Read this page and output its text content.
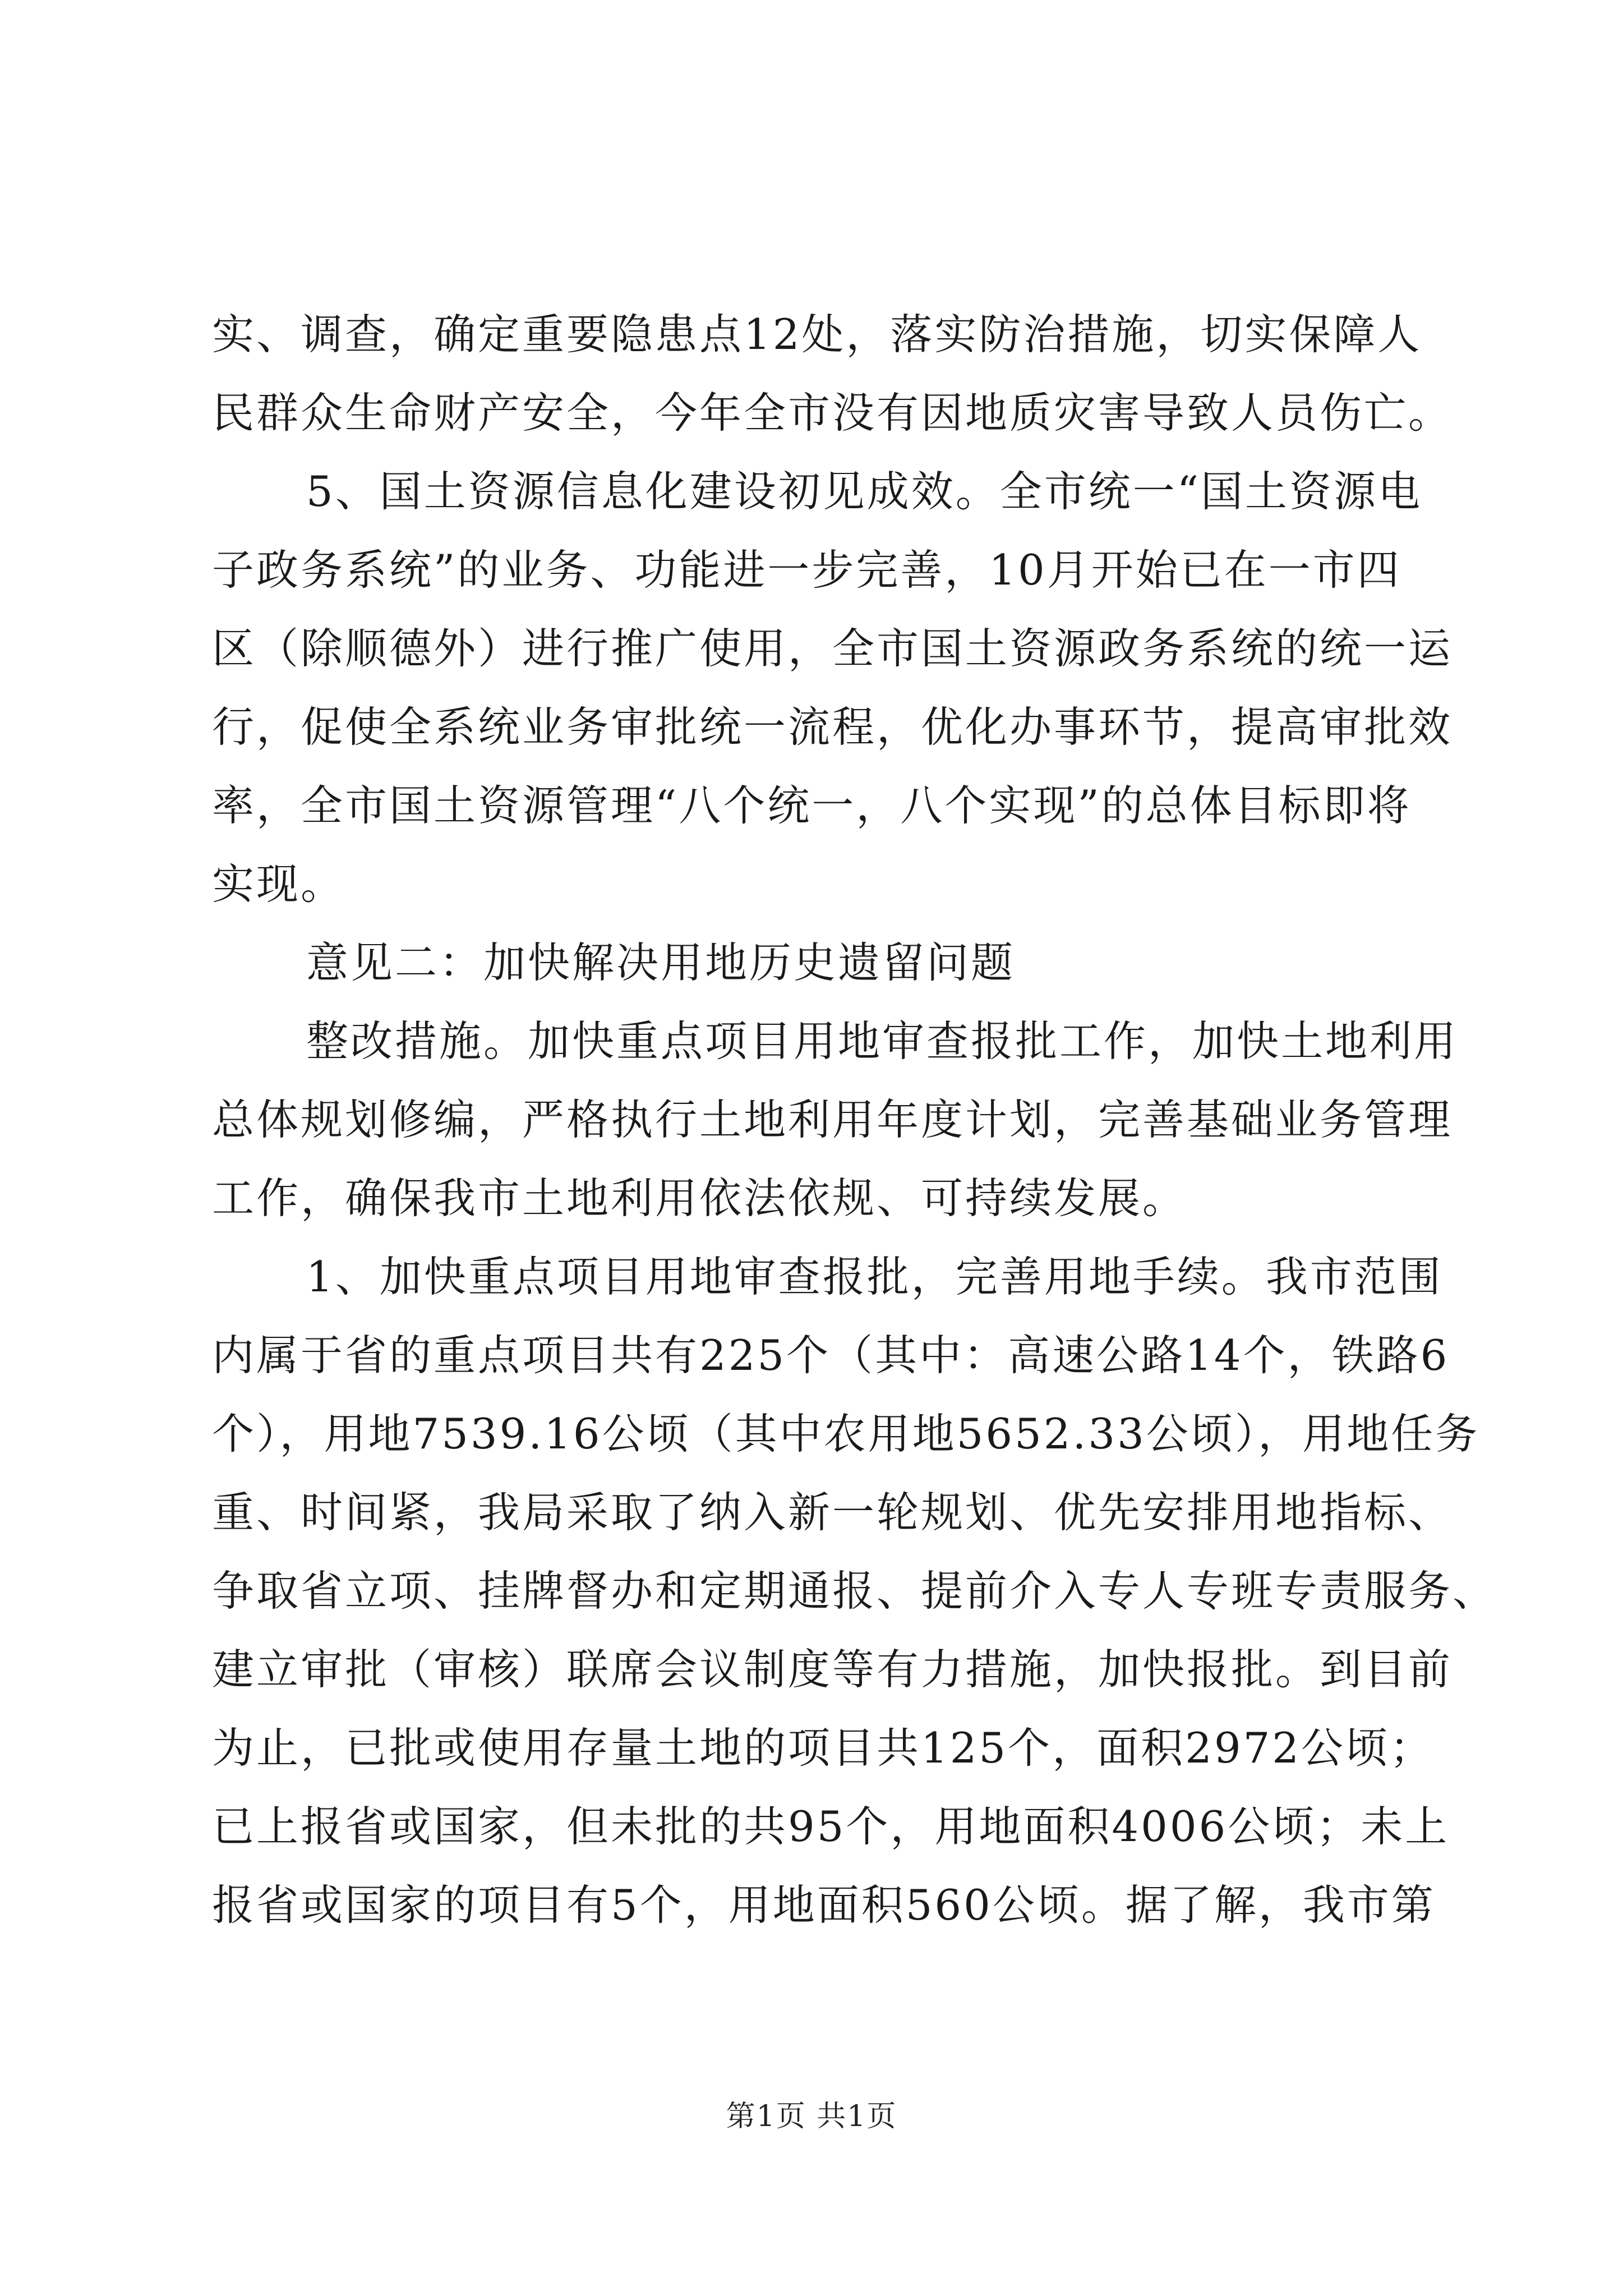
实、调查，确定重要隐患点12处，落实防治措施，切实保障人
民群众生命财产安全，今年全市没有因地质灾害导致人员伤亡。
5、国土资源信息化建设初见成效。全市统一“国土资源电
子政务系统”的业务、功能进一步完善，10月开始已在一市四
区（除顺德外）进行推广使用，全市国土资源政务系统的统一运
行，促使全系统业务审批统一流程，优化办事环节，提高审批效
率，全市国土资源管理“八个统一，八个实现”的总体目标即将
实现。
意见二：加快解决用地历史遗留问题
整改措施。加快重点项目用地审查报批工作，加快土地利用
总体规划修编，严格执行土地利用年度计划，完善基础业务管理
工作，确保我市土地利用依法依规、可持续发展。
1、加快重点项目用地审查报批，完善用地手续。我市范围
内属于省的重点项目共有225个（其中：高速公路14个，铁路6
个），用地7539.16公顷（其中农用地5652.33公顷），用地任务
重、时间紧，我局采取了纳入新一轮规划、优先安排用地指标、
争取省立项、挂牌督办和定期通报、提前介入专人专班专责服务、
建立审批（审核）联席会议制度等有力措施，加快报批。到目前
为止，已批或使用存量土地的项目共125个，面积2972公顷；
已上报省或国家，但未批的共95个，用地面积4006公顷；未上
报省或国家的项目有5个，用地面积560公顷。据了解，我市第
第1页 共1页
